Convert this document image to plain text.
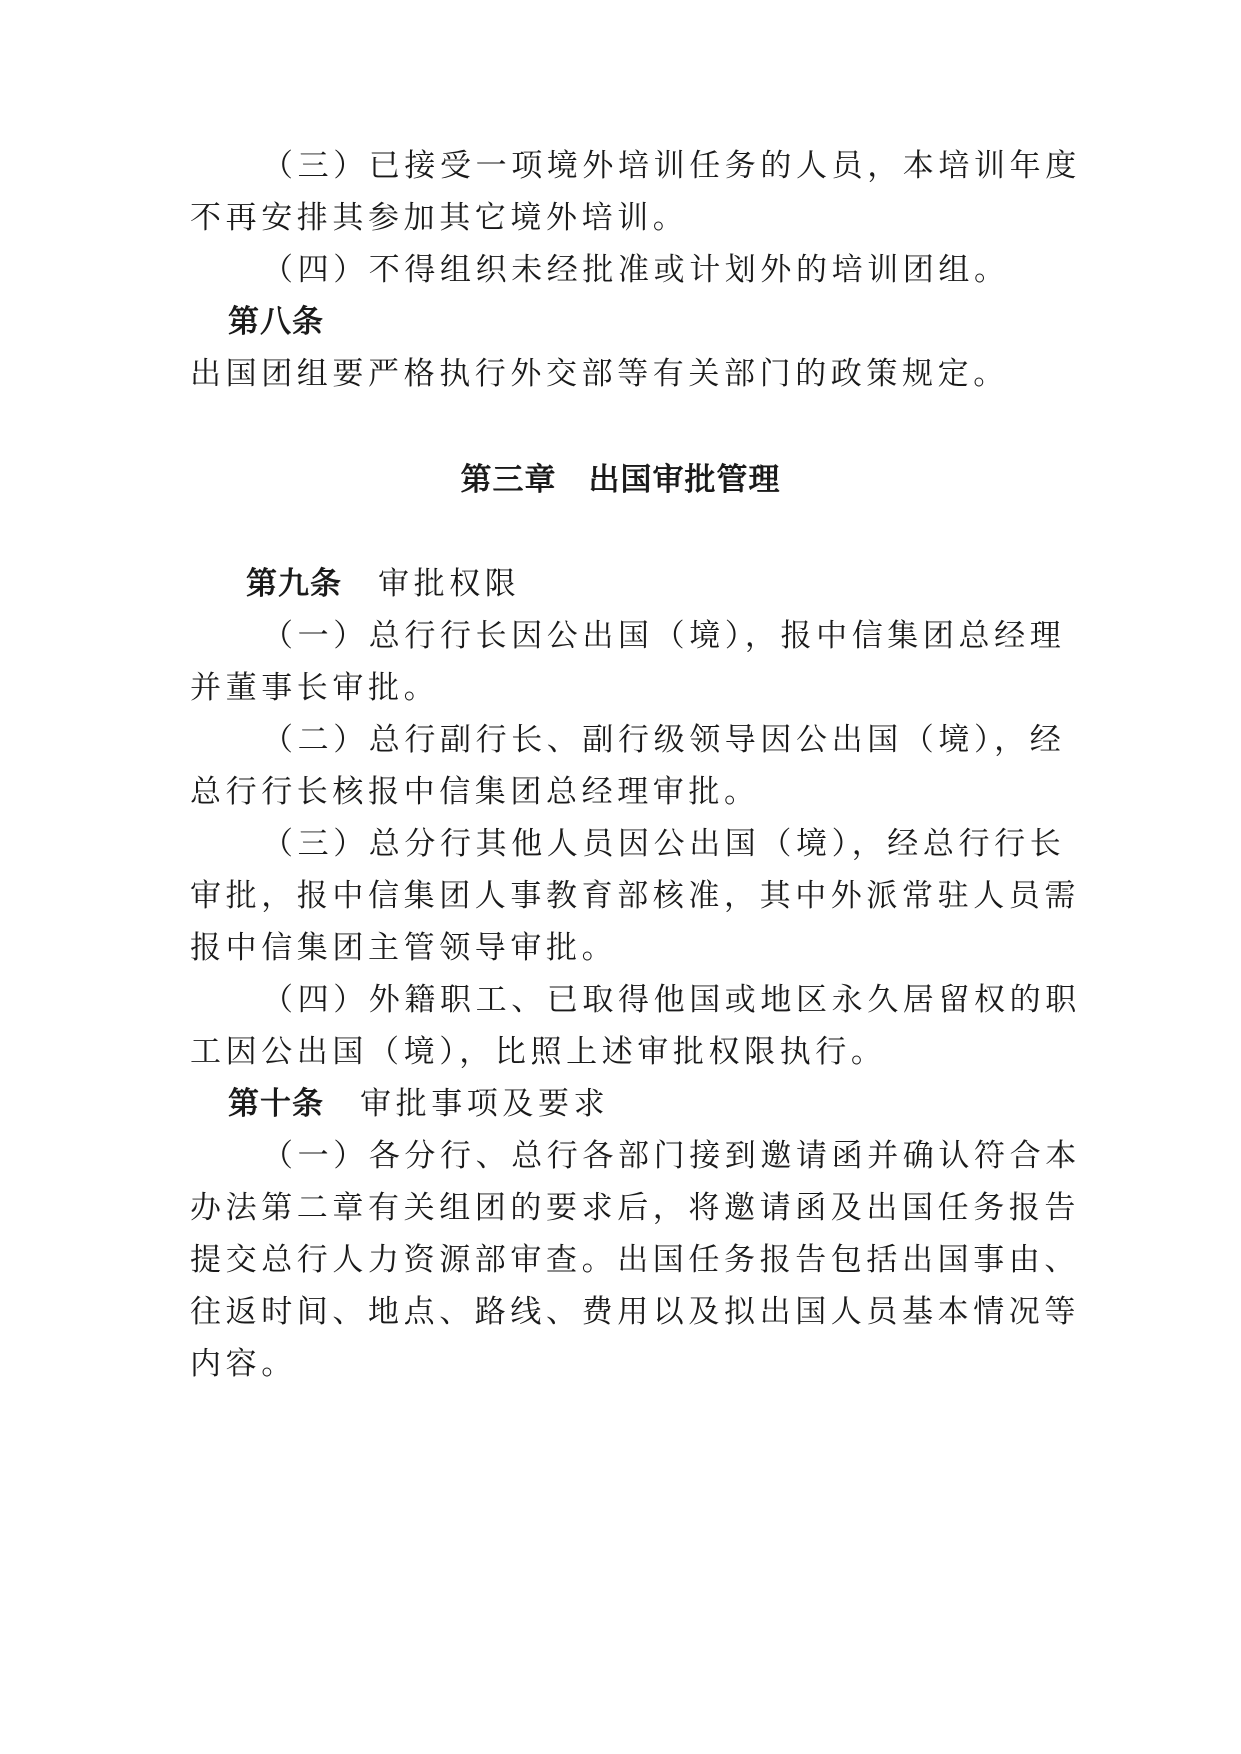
（三）已接受一项境外培训任务的人员，本培训年度
不再安排其参加其它境外培训。
（四）不得组织未经批准或计划外的培训团组。
第八条
出国团组要严格执行外交部等有关部门的政策规定。
第三章　出国审批管理
第九条 审批权限
（一）总行行长因公出国（境），报中信集团总经理
并董事长审批。
（二）总行副行长、副行级领导因公出国（境），经
总行行长核报中信集团总经理审批。
（三）总分行其他人员因公出国（境），经总行行长
审批，报中信集团人事教育部核准，其中外派常驻人员需
报中信集团主管领导审批。
（四）外籍职工、已取得他国或地区永久居留权的职
工因公出国（境），比照上述审批权限执行。
第十条 审批事项及要求
（一）各分行、总行各部门接到邀请函并确认符合本
办法第二章有关组团的要求后，将邀请函及出国任务报告
提交总行人力资源部审查。出国任务报告包括出国事由、
往返时间、地点、路线、费用以及拟出国人员基本情况等
内容。
